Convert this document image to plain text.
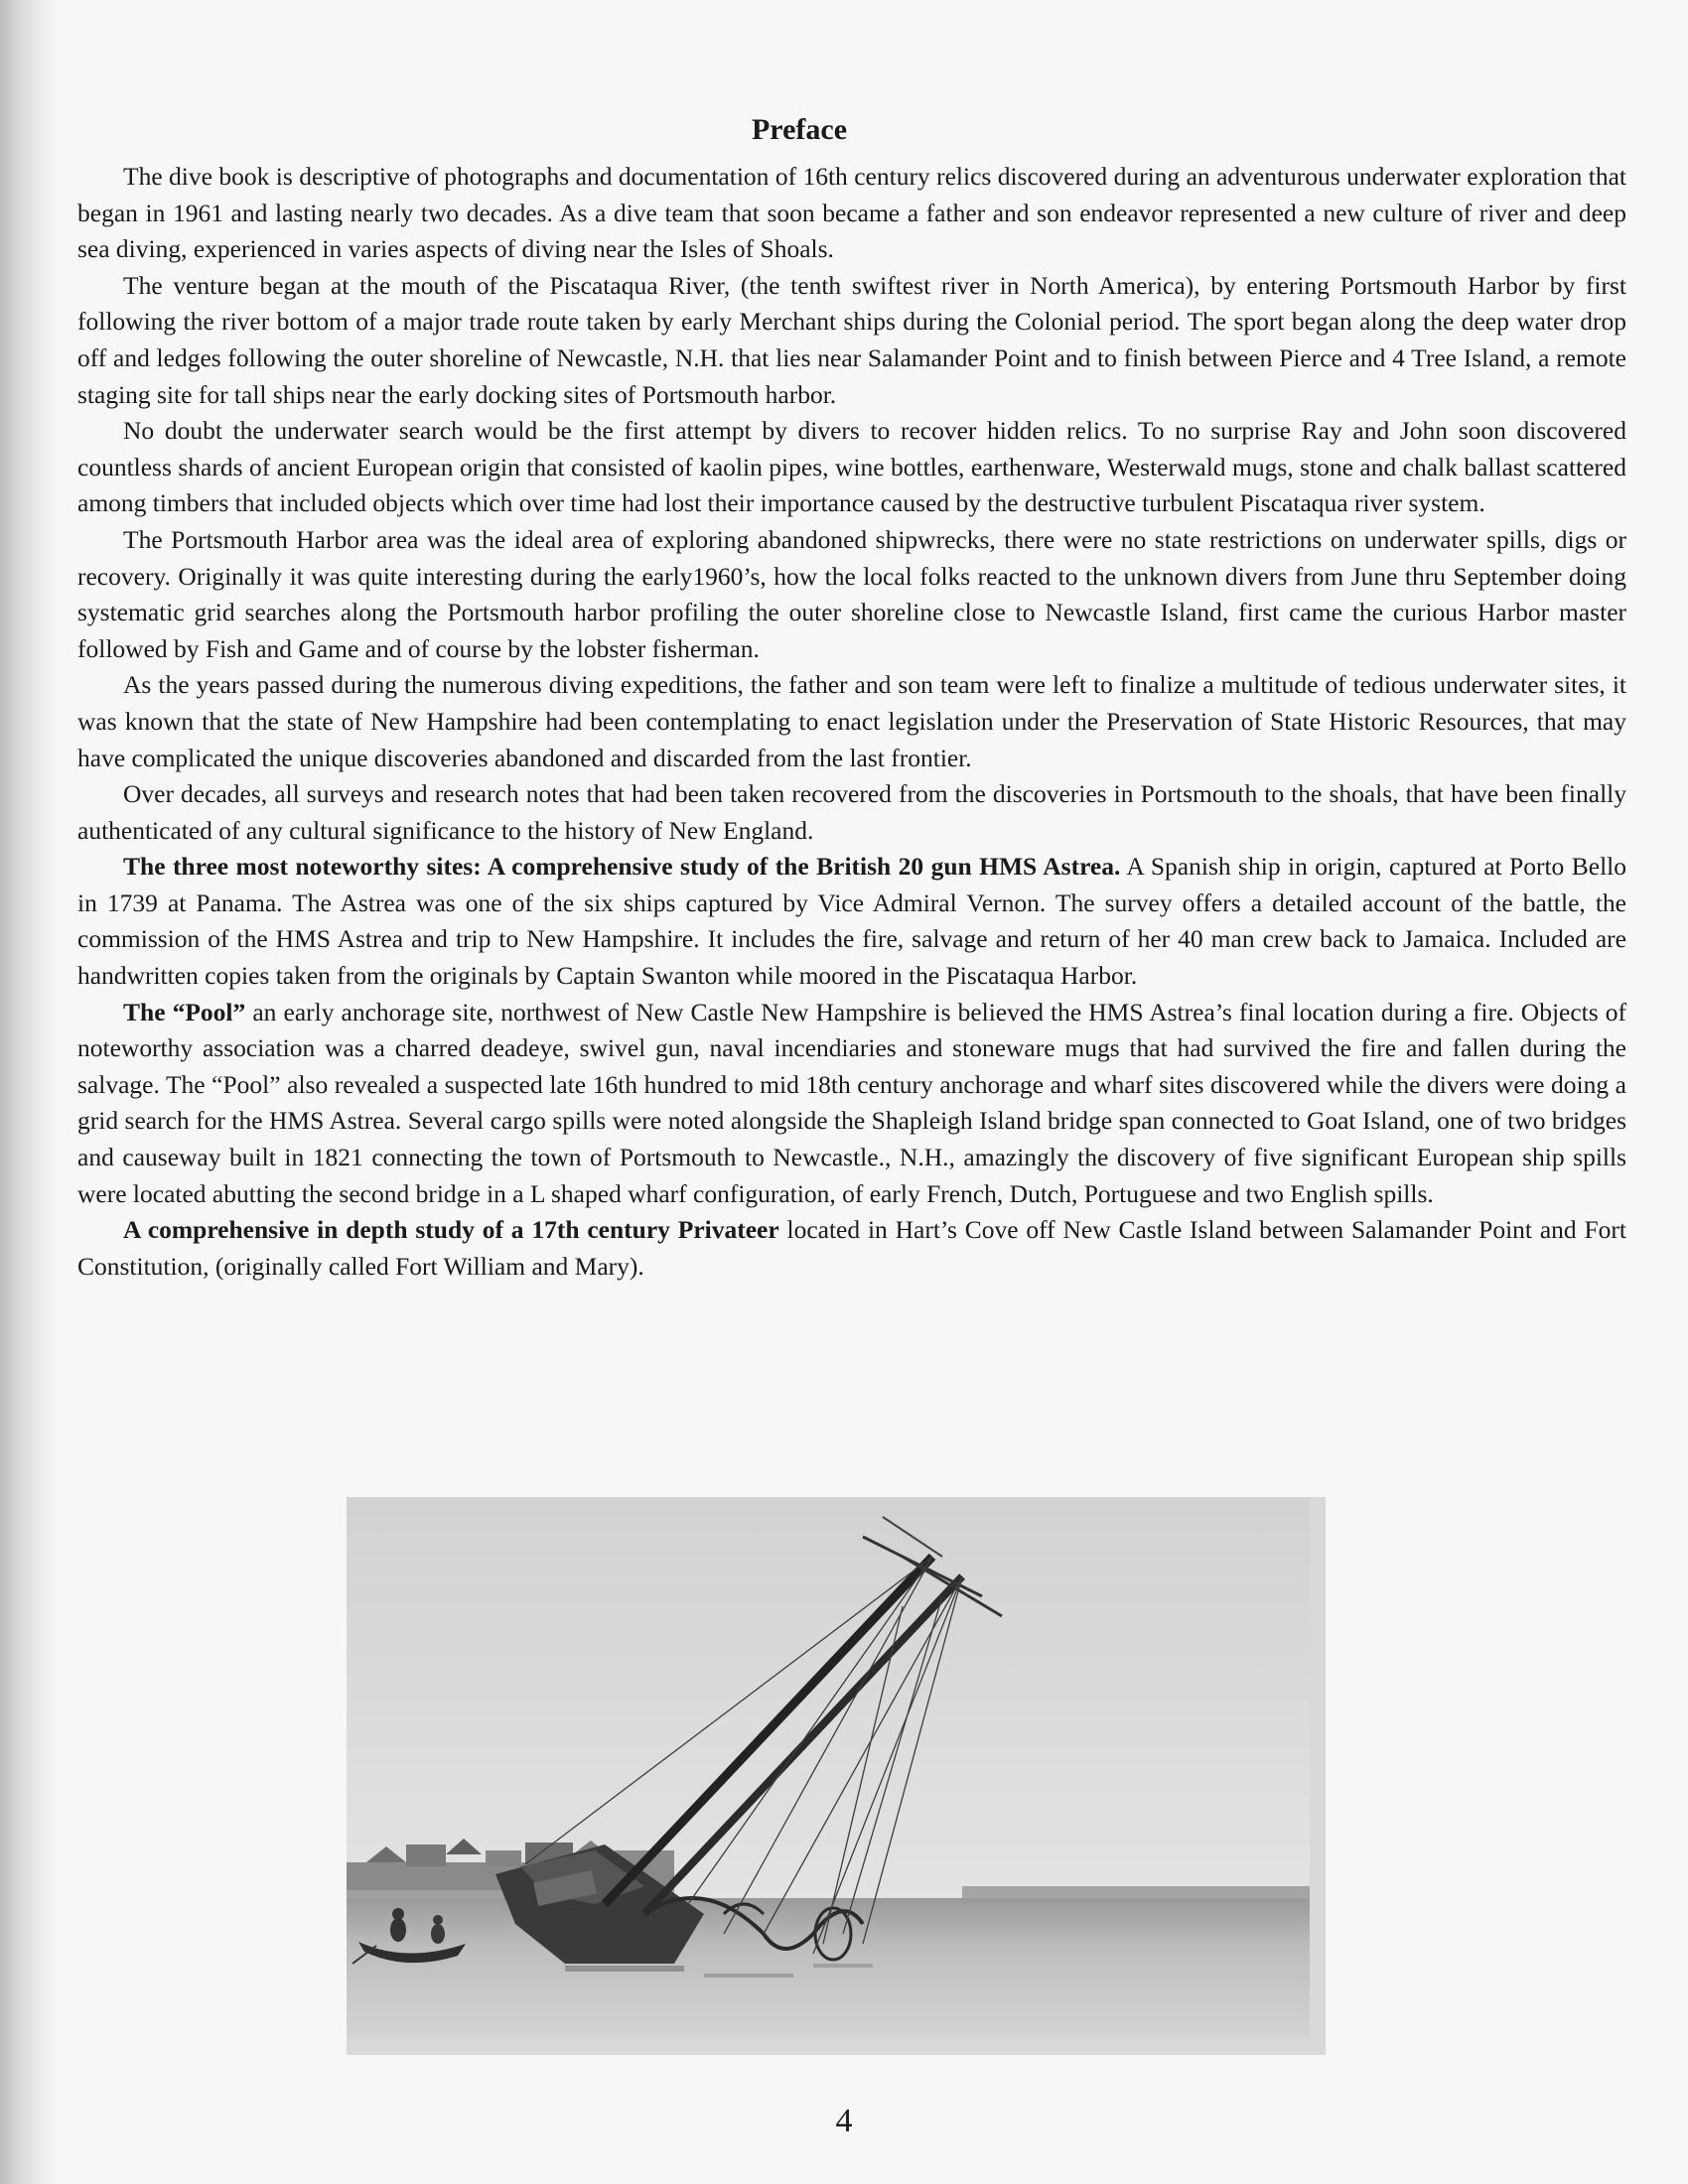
Preface

The dive book is descriptive of photographs and documentation of 16th century relics discovered during an adventurous underwater exploration that began in 1961 and lasting nearly two decades. As a dive team that soon became a father and son endeavor represented a new culture of river and deep sea diving, experienced in varies aspects of diving near the Isles of Shoals.

The venture began at the mouth of the Piscataqua River, (the tenth swiftest river in North America), by entering Portsmouth Harbor by first following the river bottom of a major trade route taken by early Merchant ships during the Colonial period. The sport began along the deep water drop off and ledges following the outer shoreline of Newcastle, N.H. that lies near Salamander Point and to finish between Pierce and 4 Tree Island, a remote staging site for tall ships near the early docking sites of Portsmouth harbor.

No doubt the underwater search would be the first attempt by divers to recover hidden relics. To no surprise Ray and John soon discovered countless shards of ancient European origin that consisted of kaolin pipes, wine bottles, earthenware, Westerwald mugs, stone and chalk ballast scattered among timbers that included objects which over time had lost their importance caused by the destructive turbulent Piscataqua river system.

The Portsmouth Harbor area was the ideal area of exploring abandoned shipwrecks, there were no state restrictions on underwater spills, digs or recovery. Originally it was quite interesting during the early1960’s, how the local folks reacted to the unknown divers from June thru September doing systematic grid searches along the Portsmouth harbor profiling the outer shoreline close to Newcastle Island, first came the curious Harbor master followed by Fish and Game and of course by the lobster fisherman.

As the years passed during the numerous diving expeditions, the father and son team were left to finalize a multitude of tedious underwater sites, it was known that the state of New Hampshire had been contemplating to enact legislation under the Preservation of State Historic Resources, that may have complicated the unique discoveries abandoned and discarded from the last frontier.

Over decades, all surveys and research notes that had been taken recovered from the discoveries in Portsmouth to the shoals, that have been finally authenticated of any cultural significance to the history of New England.

The three most noteworthy sites: A comprehensive study of the British 20 gun HMS Astrea. A Spanish ship in origin, captured at Porto Bello in 1739 at Panama. The Astrea was one of the six ships captured by Vice Admiral Vernon. The survey offers a detailed account of the battle, the commission of the HMS Astrea and trip to New Hampshire. It includes the fire, salvage and return of her 40 man crew back to Jamaica. Included are handwritten copies taken from the originals by Captain Swanton while moored in the Piscataqua Harbor.

The “Pool” an early anchorage site, northwest of New Castle New Hampshire is believed the HMS Astrea’s final location during a fire. Objects of noteworthy association was a charred deadeye, swivel gun, naval incendiaries and stoneware mugs that had survived the fire and fallen during the salvage. The “Pool” also revealed a suspected late 16th hundred to mid 18th century anchorage and wharf sites discovered while the divers were doing a grid search for the HMS Astrea. Several cargo spills were noted alongside the Shapleigh Island bridge span connected to Goat Island, one of two bridges and causeway built in 1821 connecting the town of Portsmouth to Newcastle., N.H., amazingly the discovery of five significant European ship spills were located abutting the second bridge in a L shaped wharf configuration, of early French, Dutch, Portuguese and two English spills.

A comprehensive in depth study of a 17th century Privateer located in Hart’s Cove off New Castle Island between Salamander Point and Fort Constitution, (originally called Fort William and Mary).

4
